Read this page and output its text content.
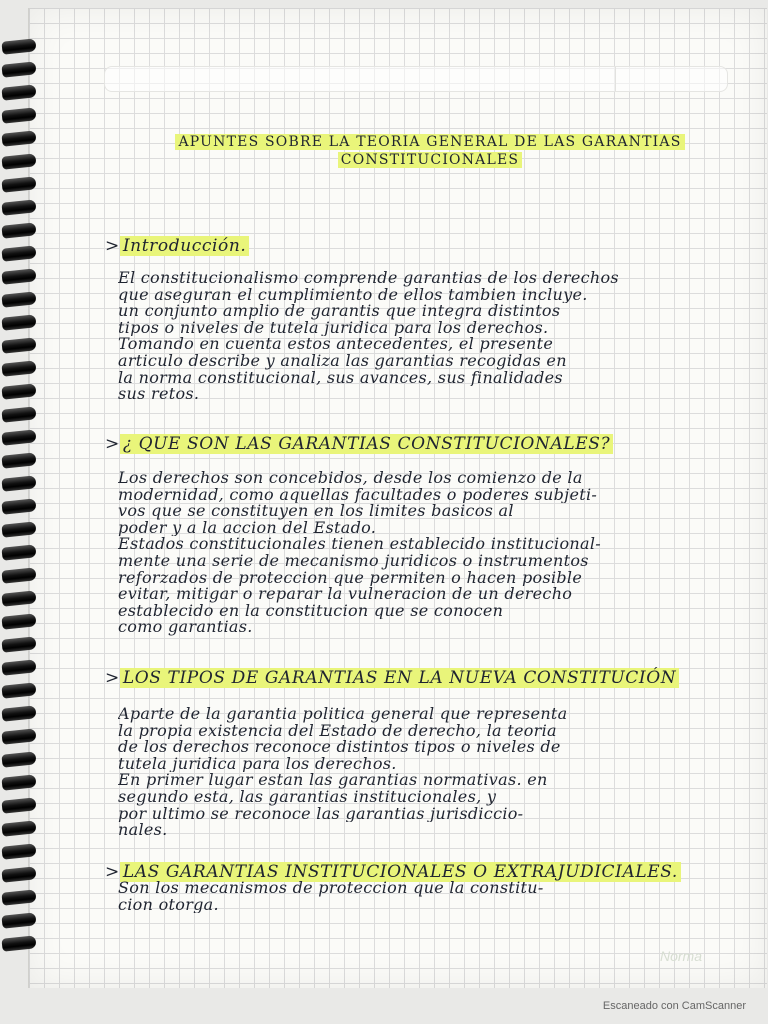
APUNTES SOBRE LA TEORIA GENERAL DE LAS GARANTIAS
CONSTITUCIONALES
> Introducción.
El constitucionalismo comprende garantias de los derechos
que aseguran el cumplimiento de ellos tambien incluye.
un conjunto amplio de garantis que integra distintos
tipos o niveles de tutela juridica para los derechos.
Tomando en cuenta estos antecedentes, el presente
articulo describe y analiza las garantias recogidas en
la norma constitucional, sus avances, sus finalidades
sus retos.
> ¿ QUE SON LAS GARANTIAS CONSTITUCIONALES?
Los derechos son concebidos, desde los comienzo de la
modernidad, como aquellas facultades o poderes subjeti-
vos que se constituyen en los limites basicos al
poder y a la accion del Estado.
Estados constitucionales tienen establecido institucional-
mente una serie de mecanismo juridicos o instrumentos
reforzados de proteccion que permiten o hacen posible
evitar, mitigar o reparar la vulneracion de un derecho
establecido en la constitucion que se conocen
como garantias.
> LOS TIPOS DE GARANTIAS EN LA NUEVA CONSTITUCIÓN
Aparte de la garantia politica general que representa
la propia existencia del Estado de derecho, la teoria
de los derechos reconoce distintos tipos o niveles de
tutela juridica para los derechos.
En primer lugar estan las garantias normativas. en
segundo esta, las garantias institucionales, y
por ultimo se reconoce las garantias jurisdiccio-
nales.
> LAS GARANTIAS INSTITUCIONALES O EXTRAJUDICIALES.
Son los mecanismos de proteccion que la constitu-
cion otorga.
Norma
Escaneado con CamScanner
